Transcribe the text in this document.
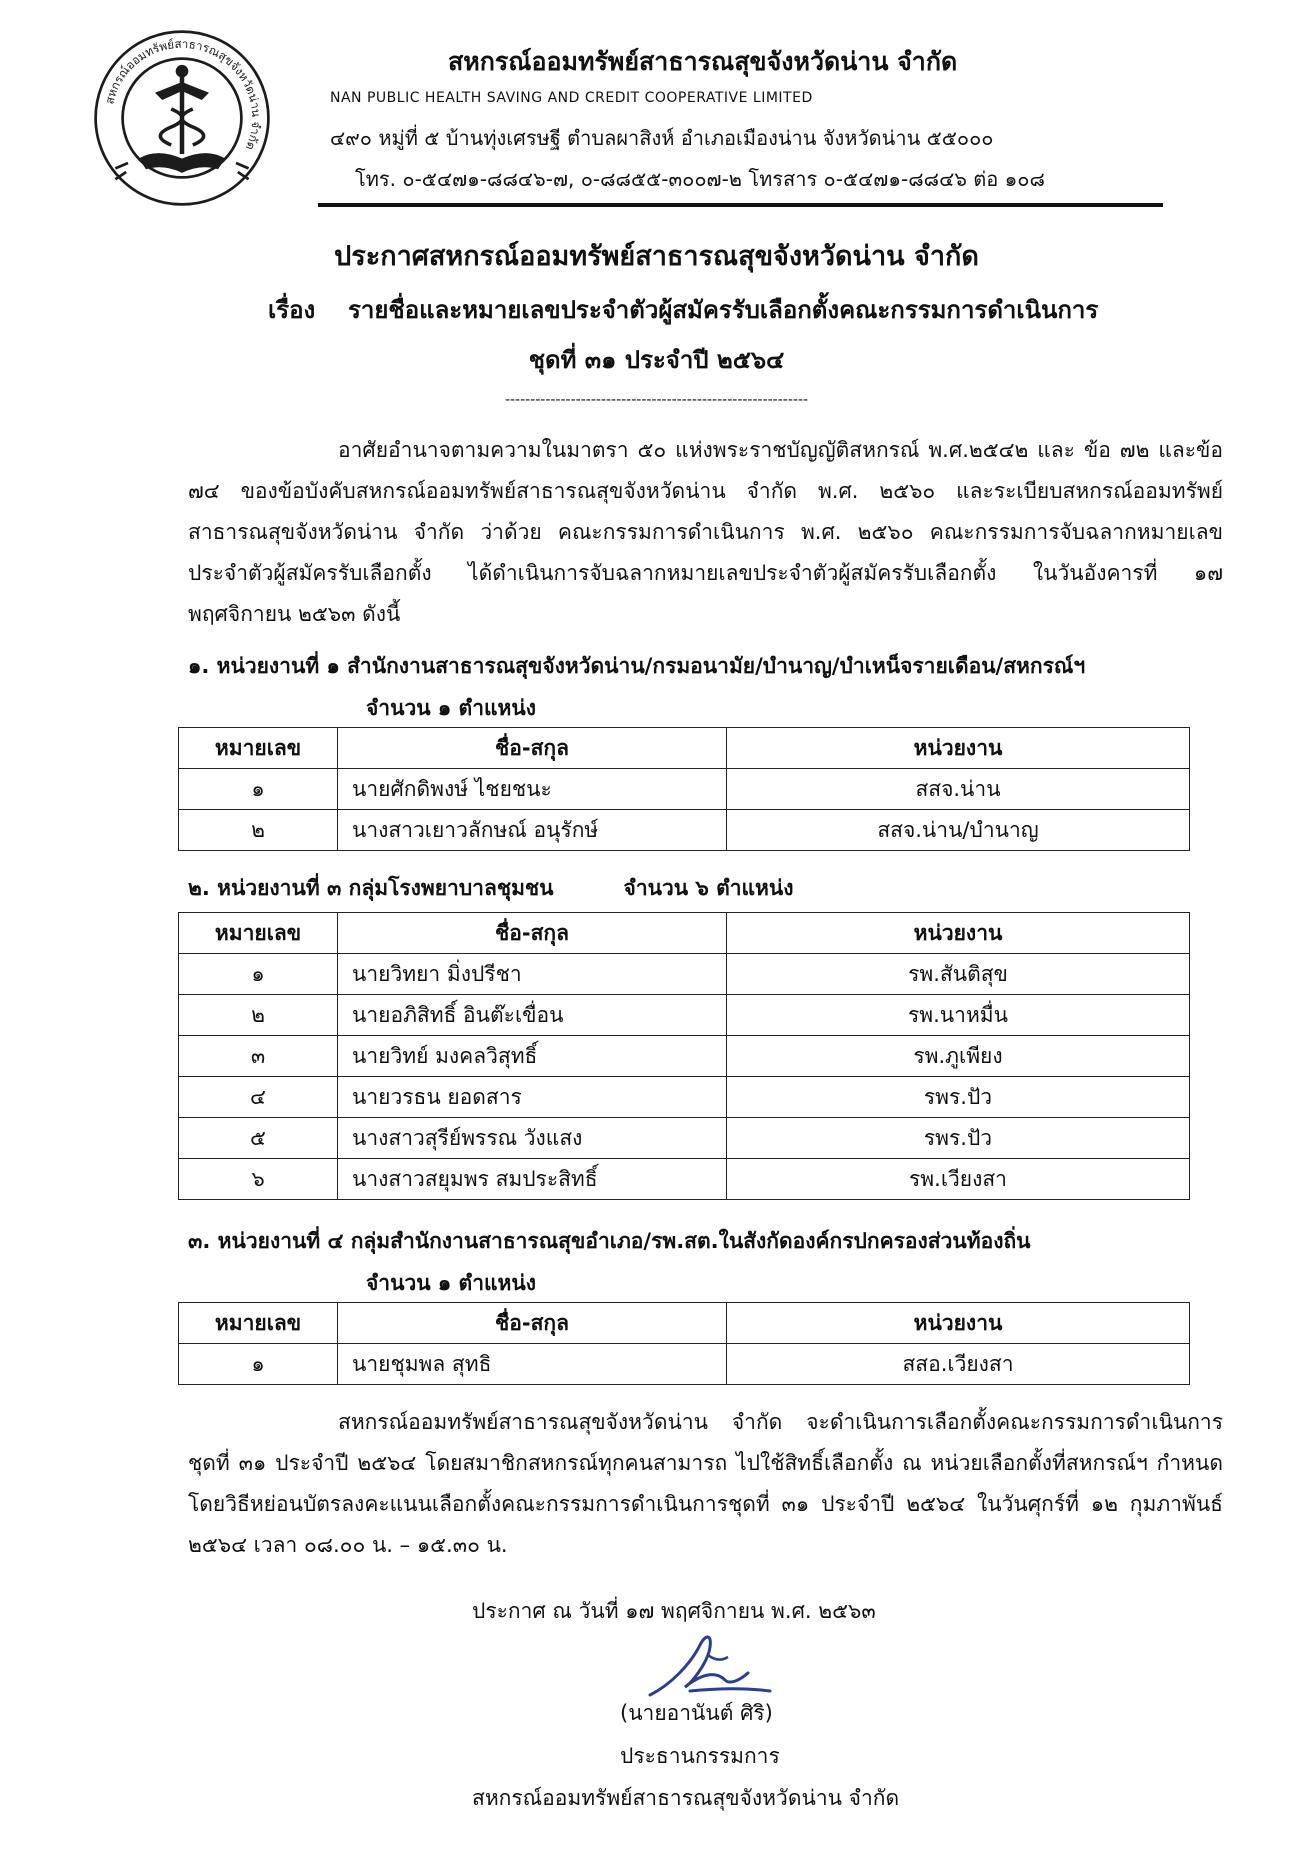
สหกรณ์ออมทรัพย์สาธารณสุขจังหวัดน่าน จำกัด
สหกรณ์ออมทรัพย์สาธารณสุขจังหวัดน่าน จำกัด
NAN PUBLIC HEALTH SAVING AND CREDIT COOPERATIVE LIMITED
๔๙๐ หมู่ที่ ๕ บ้านทุ่งเศรษฐี ตำบลผาสิงห์ อำเภอเมืองน่าน จังหวัดน่าน ๕๕๐๐๐
โทร. ๐-๕๔๗๑-๘๘๔๖-๗, ๐-๘๘๕๕-๓๐๐๗-๒ โทรสาร ๐-๕๔๗๑-๘๘๔๖ ต่อ ๑๐๘
ประกาศสหกรณ์ออมทรัพย์สาธารณสุขจังหวัดน่าน จำกัด
เรื่อง รายชื่อและหมายเลขประจำตัวผู้สมัครรับเลือกตั้งคณะกรรมการดำเนินการ
ชุดที่ ๓๑ ประจำปี ๒๕๖๔
------------------------------------------------------------
อาศัยอำนาจตามความในมาตรา ๕๐ แห่งพระราชบัญญัติสหกรณ์ พ.ศ.๒๕๔๒ และ ข้อ ๗๒ และข้อ ๗๔ ของข้อบังคับสหกรณ์ออมทรัพย์สาธารณสุขจังหวัดน่าน จำกัด พ.ศ. ๒๕๖๐ และระเบียบสหกรณ์ออมทรัพย์สาธารณสุขจังหวัดน่าน จำกัด ว่าด้วย คณะกรรมการดำเนินการ พ.ศ. ๒๕๖๐ คณะกรรมการจับฉลากหมายเลขประจำตัวผู้สมัครรับเลือกตั้ง ได้ดำเนินการจับฉลากหมายเลขประจำตัวผู้สมัครรับเลือกตั้ง ในวันอังคารที่ ๑๗ พฤศจิกายน ๒๕๖๓ ดังนี้
๑. หน่วยงานที่ ๑ สำนักงานสาธารณสุขจังหวัดน่าน/กรมอนามัย/บำนาญ/บำเหน็จรายเดือน/สหกรณ์ฯ
จำนวน ๑ ตำแหน่ง
หมายเลข	ชื่อ-สกุล	หน่วยงาน
๑	นายศักดิพงษ์ ไชยชนะ	สสจ.น่าน
๒	นางสาวเยาวลักษณ์ อนุรักษ์	สสจ.น่าน/บำนาญ
๒. หน่วยงานที่ ๓ กลุ่มโรงพยาบาลชุมชน	จำนวน ๖ ตำแหน่ง
หมายเลข	ชื่อ-สกุล	หน่วยงาน
๑	นายวิทยา มิ่งปรีชา	รพ.สันติสุข
๒	นายอภิสิทธิ์ อินต๊ะเขื่อน	รพ.นาหมื่น
๓	นายวิทย์ มงคลวิสุทธิ์	รพ.ภูเพียง
๔	นายวรธน ยอดสาร	รพร.ปัว
๕	นางสาวสุรีย์พรรณ วังแสง	รพร.ปัว
๖	นางสาวสยุมพร สมประสิทธิ์	รพ.เวียงสา
๓. หน่วยงานที่ ๔ กลุ่มสำนักงานสาธารณสุขอำเภอ/รพ.สต.ในสังกัดองค์กรปกครองส่วนท้องถิ่น
จำนวน ๑ ตำแหน่ง
หมายเลข	ชื่อ-สกุล	หน่วยงาน
๑	นายชุมพล สุทธิ	สสอ.เวียงสา
สหกรณ์ออมทรัพย์สาธารณสุขจังหวัดน่าน จำกัด จะดำเนินการเลือกตั้งคณะกรรมการดำเนินการ ชุดที่ ๓๑ ประจำปี ๒๕๖๔ โดยสมาชิกสหกรณ์ทุกคนสามารถ ไปใช้สิทธิ์เลือกตั้ง ณ หน่วยเลือกตั้งที่สหกรณ์ฯ กำหนด โดยวิธีหย่อนบัตรลงคะแนนเลือกตั้งคณะกรรมการดำเนินการชุดที่ ๓๑ ประจำปี ๒๕๖๔ ในวันศุกร์ที่ ๑๒ กุมภาพันธ์ ๒๕๖๔ เวลา ๐๘.๐๐ น. – ๑๕.๓๐ น.
ประกาศ ณ วันที่ ๑๗ พฤศจิกายน พ.ศ. ๒๕๖๓
(นายอานันต์ ศิริ)
ประธานกรรมการ
สหกรณ์ออมทรัพย์สาธารณสุขจังหวัดน่าน จำกัด
